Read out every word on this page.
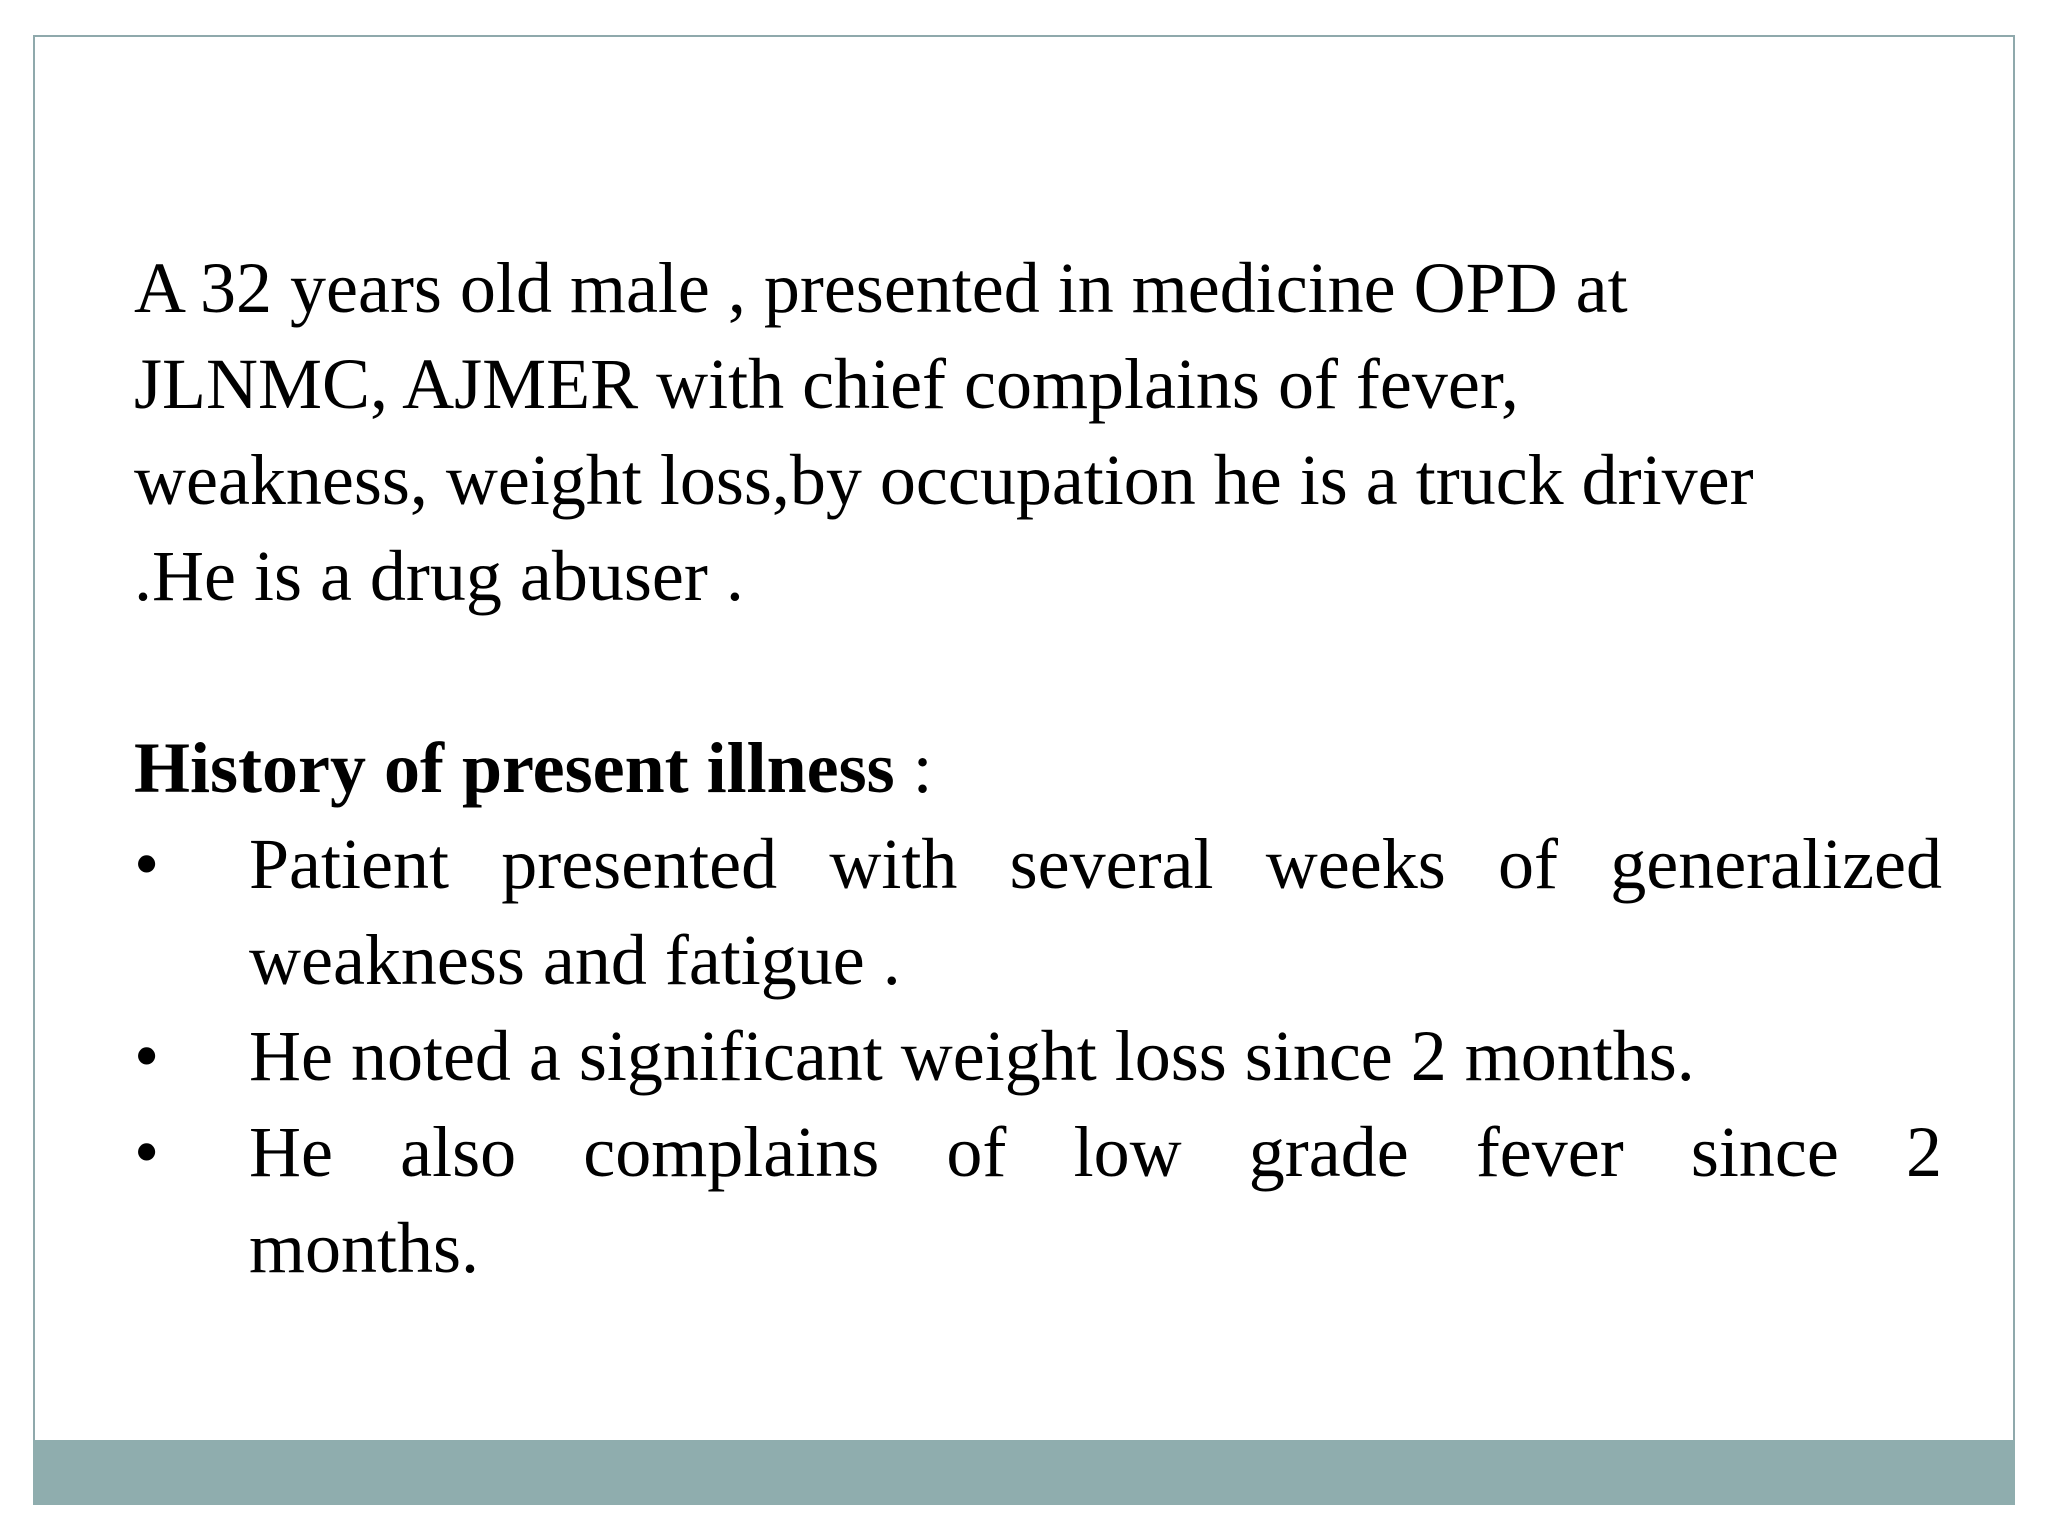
A 32 years old male , presented in medicine OPD at
JLNMC, AJMER with chief complains of fever,
weakness, weight loss,by occupation he is a truck driver
.He is a drug abuser .

History of present illness :

• Patient presented with several weeks of generalized
weakness and fatigue .
• He noted a significant weight loss since 2 months.
• He also complains of low grade fever since 2
months.
